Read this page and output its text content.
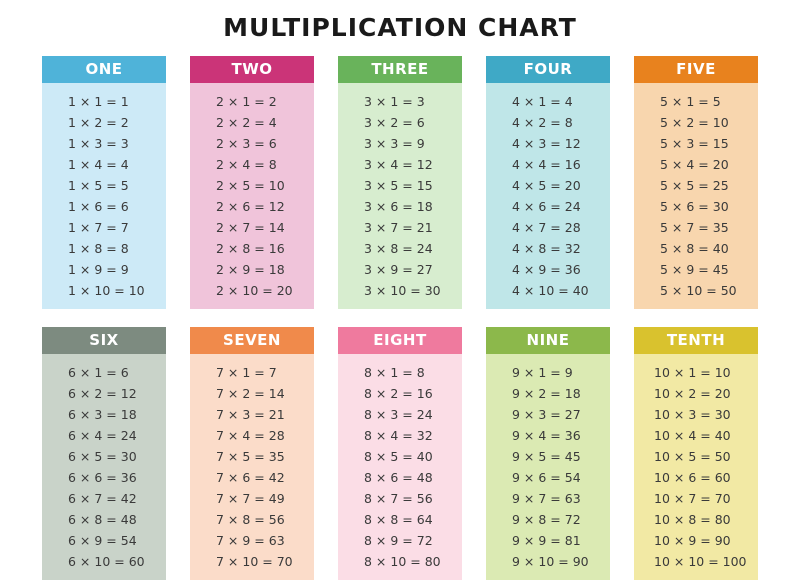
MULTIPLICATION CHART
ONE
1 × 1 = 1
1 × 2 = 2
1 × 3 = 3
1 × 4 = 4
1 × 5 = 5
1 × 6 = 6
1 × 7 = 7
1 × 8 = 8
1 × 9 = 9
1 × 10 = 10
TWO
2 × 1 = 2
2 × 2 = 4
2 × 3 = 6
2 × 4 = 8
2 × 5 = 10
2 × 6 = 12
2 × 7 = 14
2 × 8 = 16
2 × 9 = 18
2 × 10 = 20
THREE
3 × 1 = 3
3 × 2 = 6
3 × 3 = 9
3 × 4 = 12
3 × 5 = 15
3 × 6 = 18
3 × 7 = 21
3 × 8 = 24
3 × 9 = 27
3 × 10 = 30
FOUR
4 × 1 = 4
4 × 2 = 8
4 × 3 = 12
4 × 4 = 16
4 × 5 = 20
4 × 6 = 24
4 × 7 = 28
4 × 8 = 32
4 × 9 = 36
4 × 10 = 40
FIVE
5 × 1 = 5
5 × 2 = 10
5 × 3 = 15
5 × 4 = 20
5 × 5 = 25
5 × 6 = 30
5 × 7 = 35
5 × 8 = 40
5 × 9 = 45
5 × 10 = 50
SIX
6 × 1 = 6
6 × 2 = 12
6 × 3 = 18
6 × 4 = 24
6 × 5 = 30
6 × 6 = 36
6 × 7 = 42
6 × 8 = 48
6 × 9 = 54
6 × 10 = 60
SEVEN
7 × 1 = 7
7 × 2 = 14
7 × 3 = 21
7 × 4 = 28
7 × 5 = 35
7 × 6 = 42
7 × 7 = 49
7 × 8 = 56
7 × 9 = 63
7 × 10 = 70
EIGHT
8 × 1 = 8
8 × 2 = 16
8 × 3 = 24
8 × 4 = 32
8 × 5 = 40
8 × 6 = 48
8 × 7 = 56
8 × 8 = 64
8 × 9 = 72
8 × 10 = 80
NINE
9 × 1 = 9
9 × 2 = 18
9 × 3 = 27
9 × 4 = 36
9 × 5 = 45
9 × 6 = 54
9 × 7 = 63
9 × 8 = 72
9 × 9 = 81
9 × 10 = 90
TENTH
10 × 1 = 10
10 × 2 = 20
10 × 3 = 30
10 × 4 = 40
10 × 5 = 50
10 × 6 = 60
10 × 7 = 70
10 × 8 = 80
10 × 9 = 90
10 × 10 = 100
